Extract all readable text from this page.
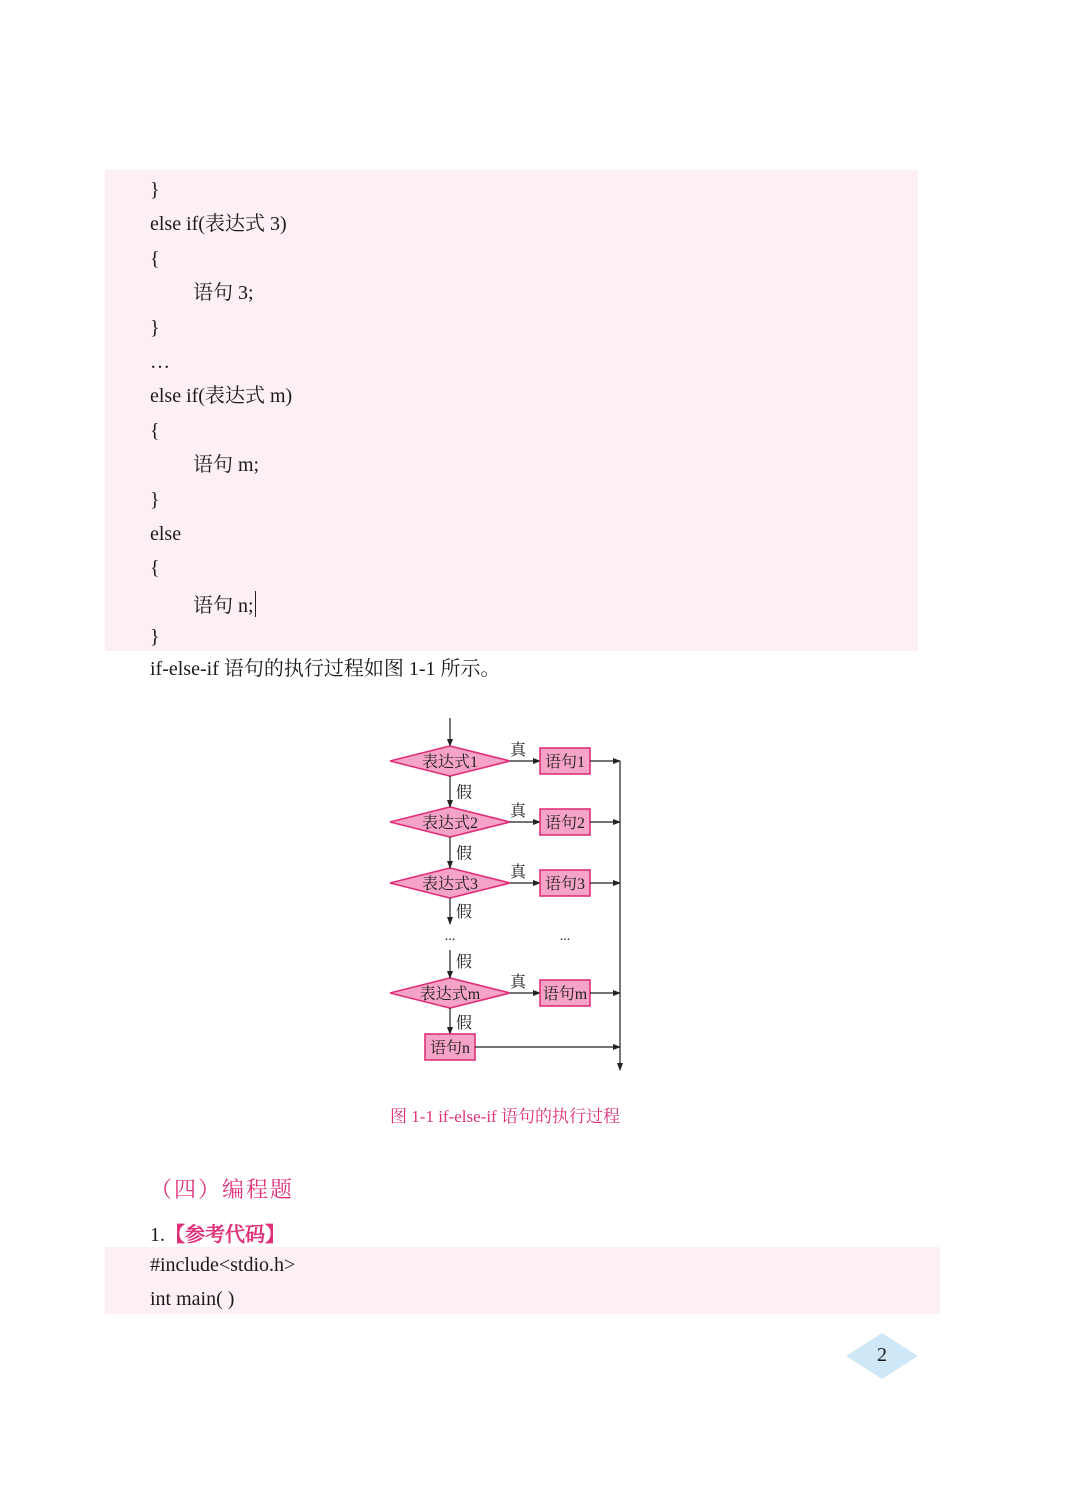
}
else if(表达式 3)
{
语句 3;
}
…
else if(表达式 m)
{
语句 m;
}
else
{
语句 n;
}
if-else-if 语句的执行过程如图 1-1 所示。
表达式1
真
语句1
表达式2
真
语句2
表达式3
真
语句3
表达式m
真
语句m
假
假
假
...	...
假
假
语句n
图 1-1 if-else-if 语句的执行过程
（四）编程题
1.【参考代码】
#include<stdio.h>
int main( )
2
